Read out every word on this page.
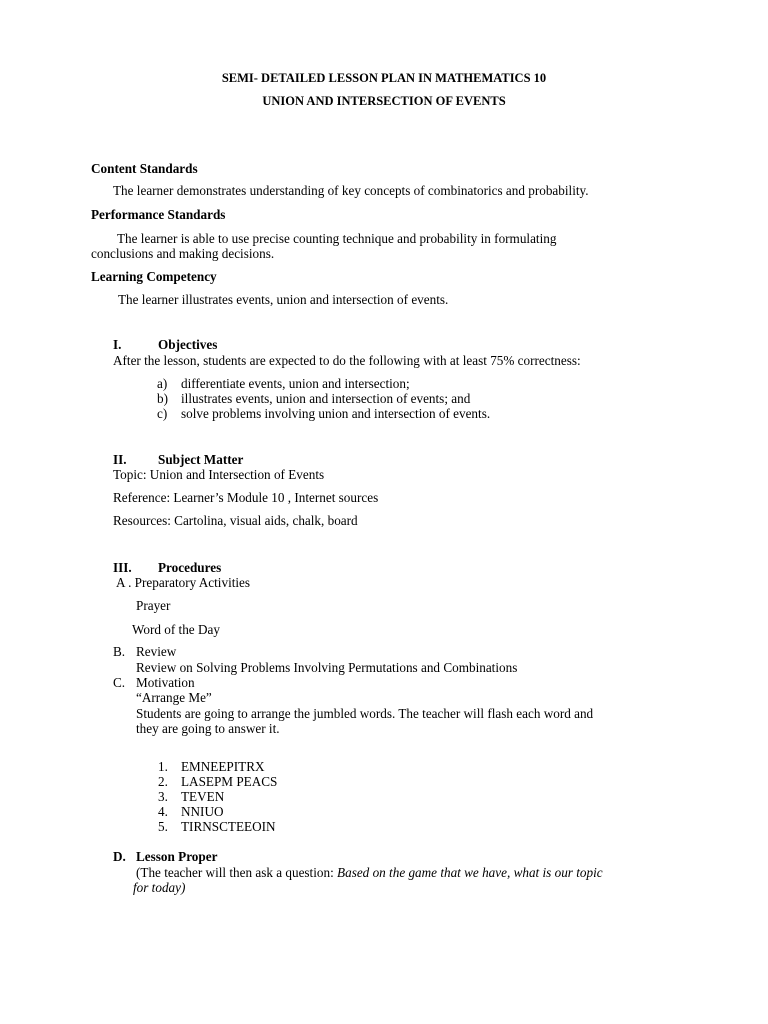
SEMI- DETAILED LESSON PLAN IN MATHEMATICS 10
UNION AND INTERSECTION OF EVENTS
Content Standards
The learner demonstrates understanding of key concepts of combinatorics and probability.
Performance Standards
The learner is able to use precise counting technique and probability in formulating
conclusions and making decisions.
Learning Competency
The learner illustrates events, union and intersection of events.
I.	Objectives
After the lesson, students are expected to do the following with at least 75% correctness:
a) differentiate events, union and intersection;
b) illustrates events, union and intersection of events; and
c) solve problems involving union and intersection of events.
II. Subject Matter
Topic: Union and Intersection of Events
Reference: Learner’s Module 10 , Internet sources
Resources: Cartolina, visual aids, chalk, board
III. Procedures
A . Preparatory Activities
Prayer
Word of the Day
B. Review
Review on Solving Problems Involving Permutations and Combinations
C. Motivation
“Arrange Me”
Students are going to arrange the jumbled words. The teacher will flash each word and
they are going to answer it.
1. EMNEEPITRX
2. LASEPM PEACS
3. TEVEN
4. NNIUO
5. TIRNSCTEEOIN
D. Lesson Proper
(The teacher will then ask a question: Based on the game that we have, what is our topic
for today)
